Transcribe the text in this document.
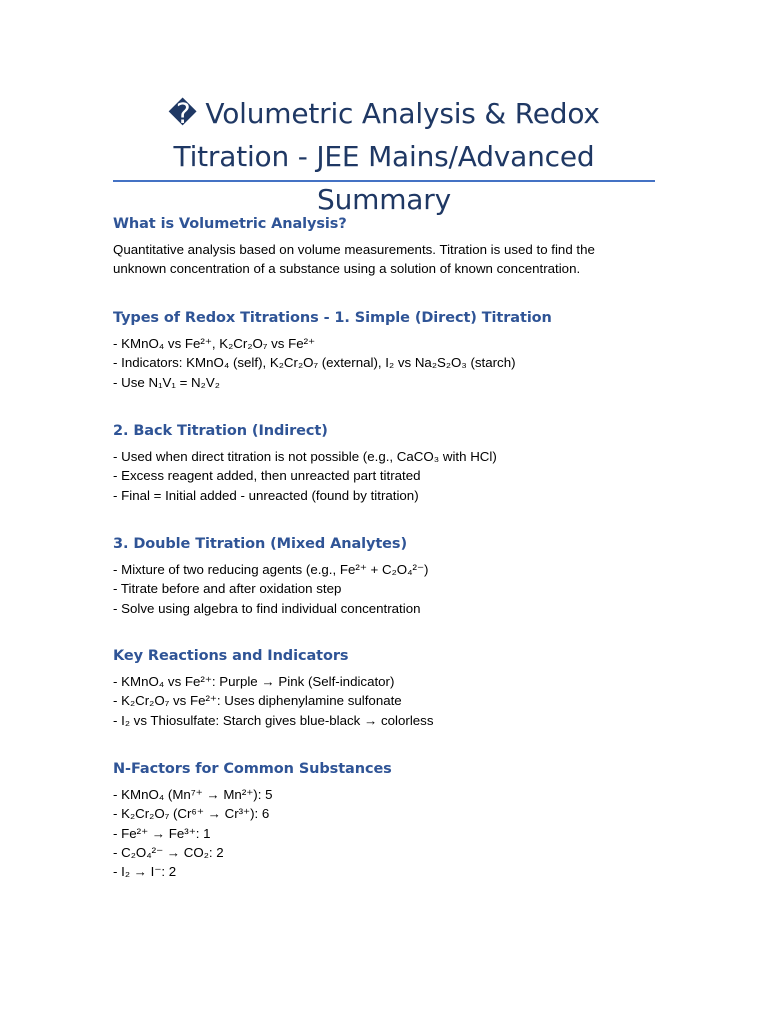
� Volumetric Analysis & Redox Titration - JEE Mains/Advanced Summary
What is Volumetric Analysis?
Quantitative analysis based on volume measurements. Titration is used to find the unknown concentration of a substance using a solution of known concentration.
Types of Redox Titrations - 1. Simple (Direct) Titration
- KMnO₄ vs Fe²⁺, K₂Cr₂O₇ vs Fe²⁺
- Indicators: KMnO₄ (self), K₂Cr₂O₇ (external), I₂ vs Na₂S₂O₃ (starch)
- Use N₁V₁ = N₂V₂
2. Back Titration (Indirect)
- Used when direct titration is not possible (e.g., CaCO₃ with HCl)
- Excess reagent added, then unreacted part titrated
- Final = Initial added - unreacted (found by titration)
3. Double Titration (Mixed Analytes)
- Mixture of two reducing agents (e.g., Fe²⁺ + C₂O₄²⁻)
- Titrate before and after oxidation step
- Solve using algebra to find individual concentration
Key Reactions and Indicators
- KMnO₄ vs Fe²⁺: Purple → Pink (Self-indicator)
- K₂Cr₂O₇ vs Fe²⁺: Uses diphenylamine sulfonate
- I₂ vs Thiosulfate: Starch gives blue-black → colorless
N-Factors for Common Substances
- KMnO₄ (Mn⁷⁺ → Mn²⁺): 5
- K₂Cr₂O₇ (Cr⁶⁺ → Cr³⁺): 6
- Fe²⁺ → Fe³⁺: 1
- C₂O₄²⁻ → CO₂: 2
- I₂ → I⁻: 2
